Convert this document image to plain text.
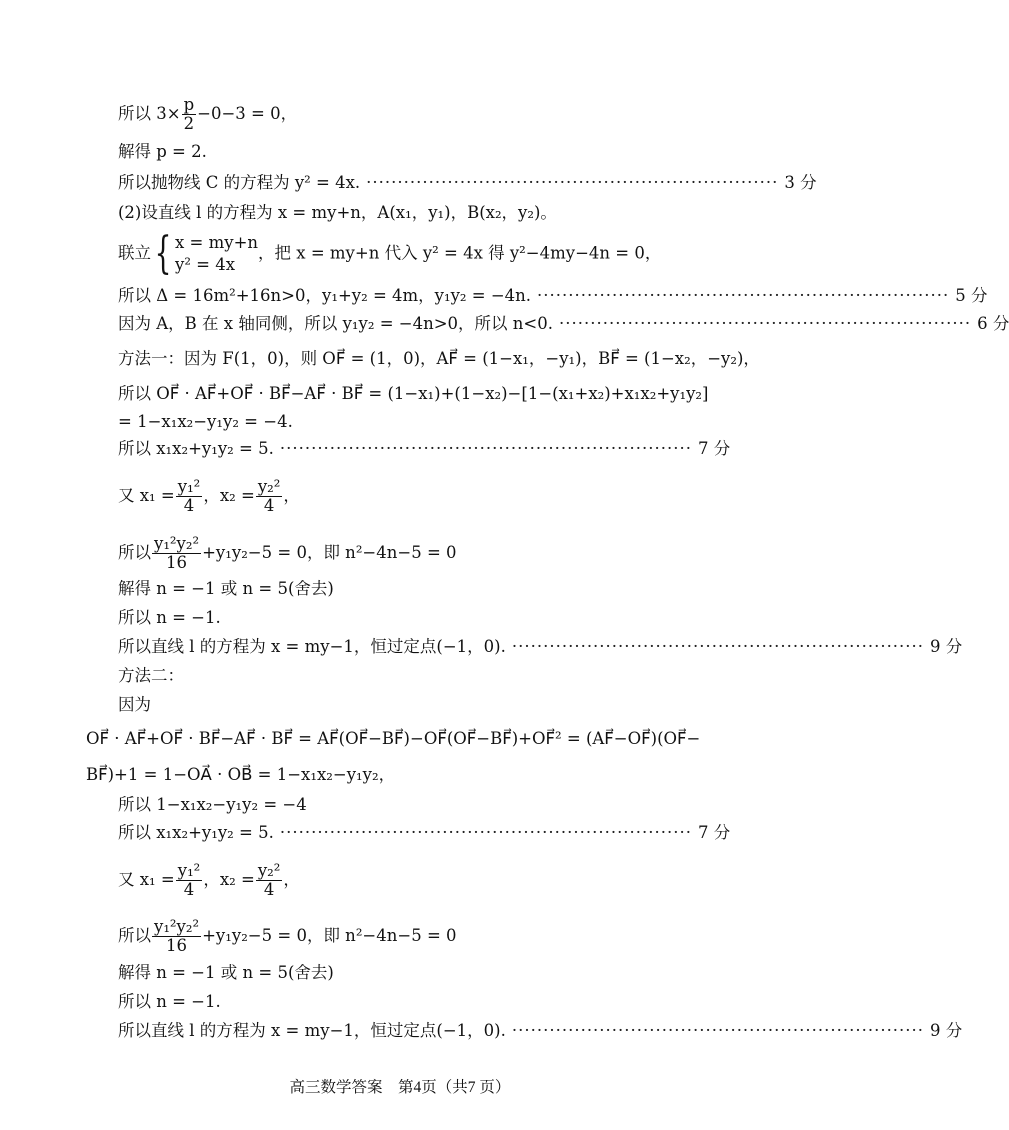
所以 $3\times \frac{p}{2} -0-3 = 0$，
解得 p = 2.
所以抛物线 C 的方程为 y² = 4x. ·································································· 3 分
(2)设直线 l 的方程为 x = my+n，A(x₁，y₁)，B(x₂，y₂)。
联立{ x = my+n
y² = 4x
，把 x = my+n 代入 y² = 4x 得 y²−4my−4n = 0，
所以 Δ = 16m²+16n>0，y₁+y₂ = 4m，y₁y₂ = −4n. ·································································· 5 分
因为 A，B 在 x 轴同侧，所以 y₁y₂ = −4n>0，所以 n<0. ·································································· 6 分
方法一：因为 F(1，0)，则 OF⃗ = (1，0)，AF⃗ = (1−x₁，−y₁)，BF⃗ = (1−x₂，−y₂)，
所以 OF⃗ · AF⃗+OF⃗ · BF⃗−AF⃗ · BF⃗ = (1−x₁)+(1−x₂)−[1−(x₁+x₂)+x₁x₂+y₁y₂]
= 1−x₁x₂−y₁y₂ = −4.
所以 x₁x₂+y₁y₂ = 5. ·································································· 7 分
又 $x_1 = \frac{\text{y₁²}}{4}$ ，$x_2 = \frac{\text{y₂²}}{4}$ ，
所以 $\frac{\text{y₁²y₂²}}{16} +y_1y_2-5 = 0$，即 n²−4n−5 = 0
解得 n = −1 或 n = 5(舍去)
所以 n = −1.
所以直线 l 的方程为 x = my−1，恒过定点(−1，0). ·································································· 9 分
方法二：
因为
OF⃗ · AF⃗+OF⃗ · BF⃗−AF⃗ · BF⃗ = AF⃗(OF⃗−BF⃗)−OF⃗(OF⃗−BF⃗)+OF⃗² = (AF⃗−OF⃗)(OF⃗−
BF⃗)+1 = 1−OA⃗ · OB⃗ = 1−x₁x₂−y₁y₂，
所以 1−x₁x₂−y₁y₂ = −4
所以 x₁x₂+y₁y₂ = 5. ·································································· 7 分
又 $x_1 = \frac{\text{y₁²}}{4}$ ，$x_2 = \frac{\text{y₂²}}{4}$ ，
所以 $\frac{\text{y₁²y₂²}}{16} +y_1y_2-5 = 0$，即 n²−4n−5 = 0
解得 n = −1 或 n = 5(舍去)
所以 n = −1.
所以直线 l 的方程为 x = my−1，恒过定点(−1，0). ·································································· 9 分
高三数学答案　第4页（共7 页）
